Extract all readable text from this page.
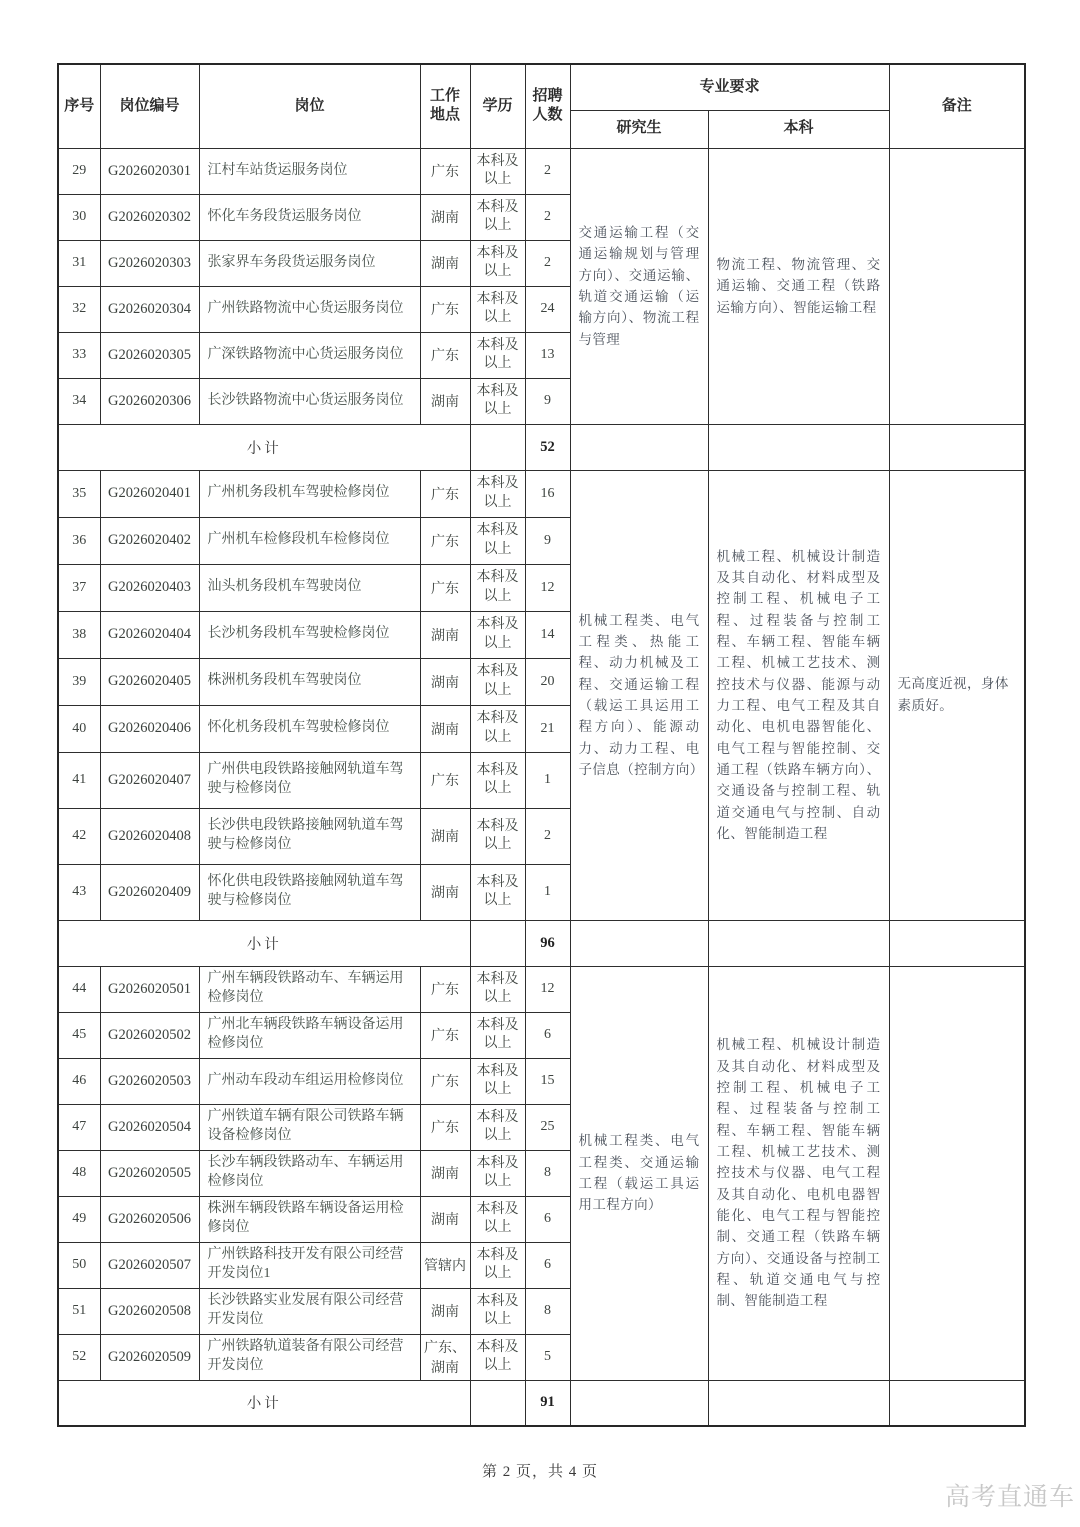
序号	岗位编号	岗位	工作地点	学历	招聘人数	专业要求		备注
						研究生	本科	
29	G2026020301	江村车站货运服务岗位	广东	本科及以上	2	交通运输工程（交通运输规划与管理方向）、交通运输、轨道交通运输（运输方向）、物流工程与管理	物流工程、物流管理、交通运输、交通工程（铁路运输方向）、智能运输工程	
30	G2026020302	怀化车务段货运服务岗位	湖南	本科及以上	2			
31	G2026020303	张家界车务段货运服务岗位	湖南	本科及以上	2			
32	G2026020304	广州铁路物流中心货运服务岗位	广东	本科及以上	24			
33	G2026020305	广深铁路物流中心货运服务岗位	广东	本科及以上	13			
34	G2026020306	长沙铁路物流中心货运服务岗位	湖南	本科及以上	9			
小计					52			
35	G2026020401	广州机务段机车驾驶检修岗位	广东	本科及以上	16	机械工程类、电气工程类、热能工程、动力机械及工程、交通运输工程（载运工具运用工程方向）、能源动力、动力工程、电子信息（控制方向）	机械工程、机械设计制造及其自动化、材料成型及控制工程、机械电子工程、过程装备与控制工程、车辆工程、智能车辆工程、机械工艺技术、测控技术与仪器、能源与动力工程、电气工程及其自动化、电机电器智能化、电气工程与智能控制、交通工程（铁路车辆方向）、交通设备与控制工程、轨道交通电气与控制、自动化、智能制造工程	无高度近视，身体素质好。
36	G2026020402	广州机车检修段机车检修岗位	广东	本科及以上	9			
37	G2026020403	汕头机务段机车驾驶岗位	广东	本科及以上	12			
38	G2026020404	长沙机务段机车驾驶检修岗位	湖南	本科及以上	14			
39	G2026020405	株洲机务段机车驾驶岗位	湖南	本科及以上	20			
40	G2026020406	怀化机务段机车驾驶检修岗位	湖南	本科及以上	21			
41	G2026020407	广州供电段铁路接触网轨道车驾驶与检修岗位	广东	本科及以上	1			
42	G2026020408	长沙供电段铁路接触网轨道车驾驶与检修岗位	湖南	本科及以上	2			
43	G2026020409	怀化供电段铁路接触网轨道车驾驶与检修岗位	湖南	本科及以上	1			
小计					96			
44	G2026020501	广州车辆段铁路动车、车辆运用检修岗位	广东	本科及以上	12	机械工程类、电气工程类、交通运输工程（载运工具运用工程方向）	机械工程、机械设计制造及其自动化、材料成型及控制工程、机械电子工程、过程装备与控制工程、车辆工程、智能车辆工程、机械工艺技术、测控技术与仪器、电气工程及其自动化、电机电器智能化、电气工程与智能控制、交通工程（铁路车辆方向）、交通设备与控制工程、轨道交通电气与控制、智能制造工程	
45	G2026020502	广州北车辆段铁路车辆设备运用检修岗位	广东	本科及以上	6			
46	G2026020503	广州动车段动车组运用检修岗位	广东	本科及以上	15			
47	G2026020504	广州铁道车辆有限公司铁路车辆设备检修岗位	广东	本科及以上	25			
48	G2026020505	长沙车辆段铁路动车、车辆运用检修岗位	湖南	本科及以上	8			
49	G2026020506	株洲车辆段铁路车辆设备运用检修岗位	湖南	本科及以上	6			
50	G2026020507	广州铁路科技开发有限公司经营开发岗位1	管辖内	本科及以上	6			
51	G2026020508	长沙铁路实业发展有限公司经营开发岗位	湖南	本科及以上	8			
52	G2026020509	广州铁路轨道装备有限公司经营开发岗位	广东、湖南	本科及以上	5			
小计					91			
第 2 页，共 4 页
高考直通车
